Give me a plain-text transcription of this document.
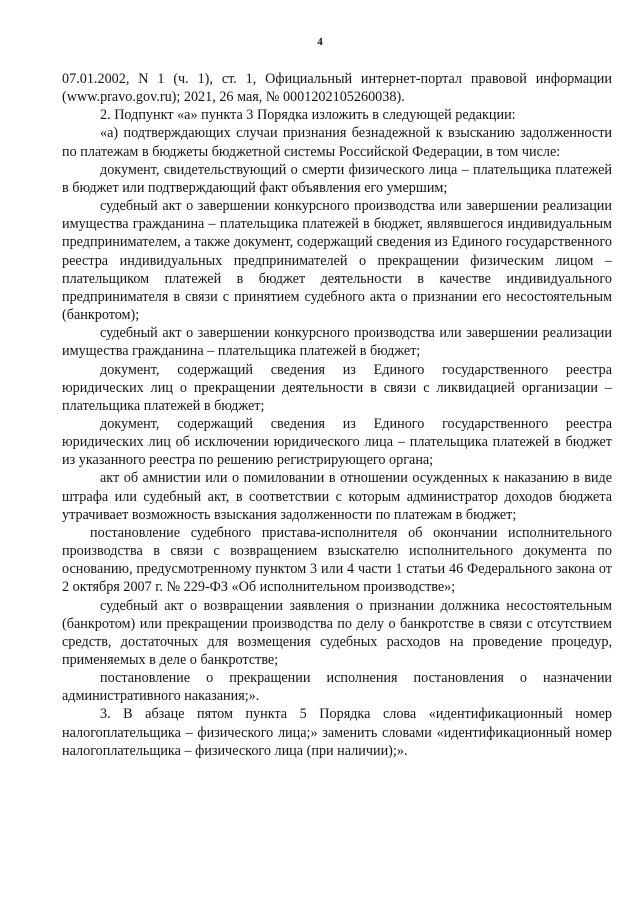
4

07.01.2002, N 1 (ч. 1), ст. 1, Официальный интернет-портал правовой информации (www.pravo.gov.ru); 2021, 26 мая, № 0001202105260038).

2. Подпункт «а» пункта 3 Порядка изложить в следующей редакции:

«а) подтверждающих случаи признания безнадежной к взысканию задолженности по платежам в бюджеты бюджетной системы Российской Федерации, в том числе:

документ, свидетельствующий о смерти физического лица – плательщика платежей в бюджет или подтверждающий факт объявления его умершим;

судебный акт о завершении конкурсного производства или завершении реализации имущества гражданина – плательщика платежей в бюджет, являвшегося индивидуальным предпринимателем, а также документ, содержащий сведения из Единого государственного реестра индивидуальных предпринимателей о прекращении физическим лицом – плательщиком платежей в бюджет деятельности в качестве индивидуального предпринимателя в связи с принятием судебного акта о признании его несостоятельным (банкротом);

судебный акт о завершении конкурсного производства или завершении реализации имущества гражданина – плательщика платежей в бюджет;

документ, содержащий сведения из Единого государственного реестра юридических лиц о прекращении деятельности в связи с ликвидацией организации – плательщика платежей в бюджет;

документ, содержащий сведения из Единого государственного реестра юридических лиц об исключении юридического лица – плательщика платежей в бюджет из указанного реестра по решению регистрирующего органа;

акт об амнистии или о помиловании в отношении осужденных к наказанию в виде штрафа или судебный акт, в соответствии с которым администратор доходов бюджета утрачивает возможность взыскания задолженности по платежам в бюджет;

постановление судебного пристава-исполнителя об окончании исполнительного производства в связи с возвращением взыскателю исполнительного документа по основанию, предусмотренному пунктом 3 или 4 части 1 статьи 46 Федерального закона от 2 октября 2007 г. № 229-ФЗ «Об исполнительном производстве»;

судебный акт о возвращении заявления о признании должника несостоятельным (банкротом) или прекращении производства по делу о банкротстве в связи с отсутствием средств, достаточных для возмещения судебных расходов на проведение процедур, применяемых в деле о банкротстве;

постановление о прекращении исполнения постановления о назначении административного наказания;».

3. В абзаце пятом пункта 5 Порядка слова «идентификационный номер налогоплательщика – физического лица;» заменить словами «идентификационный номер налогоплательщика – физического лица (при наличии);».
